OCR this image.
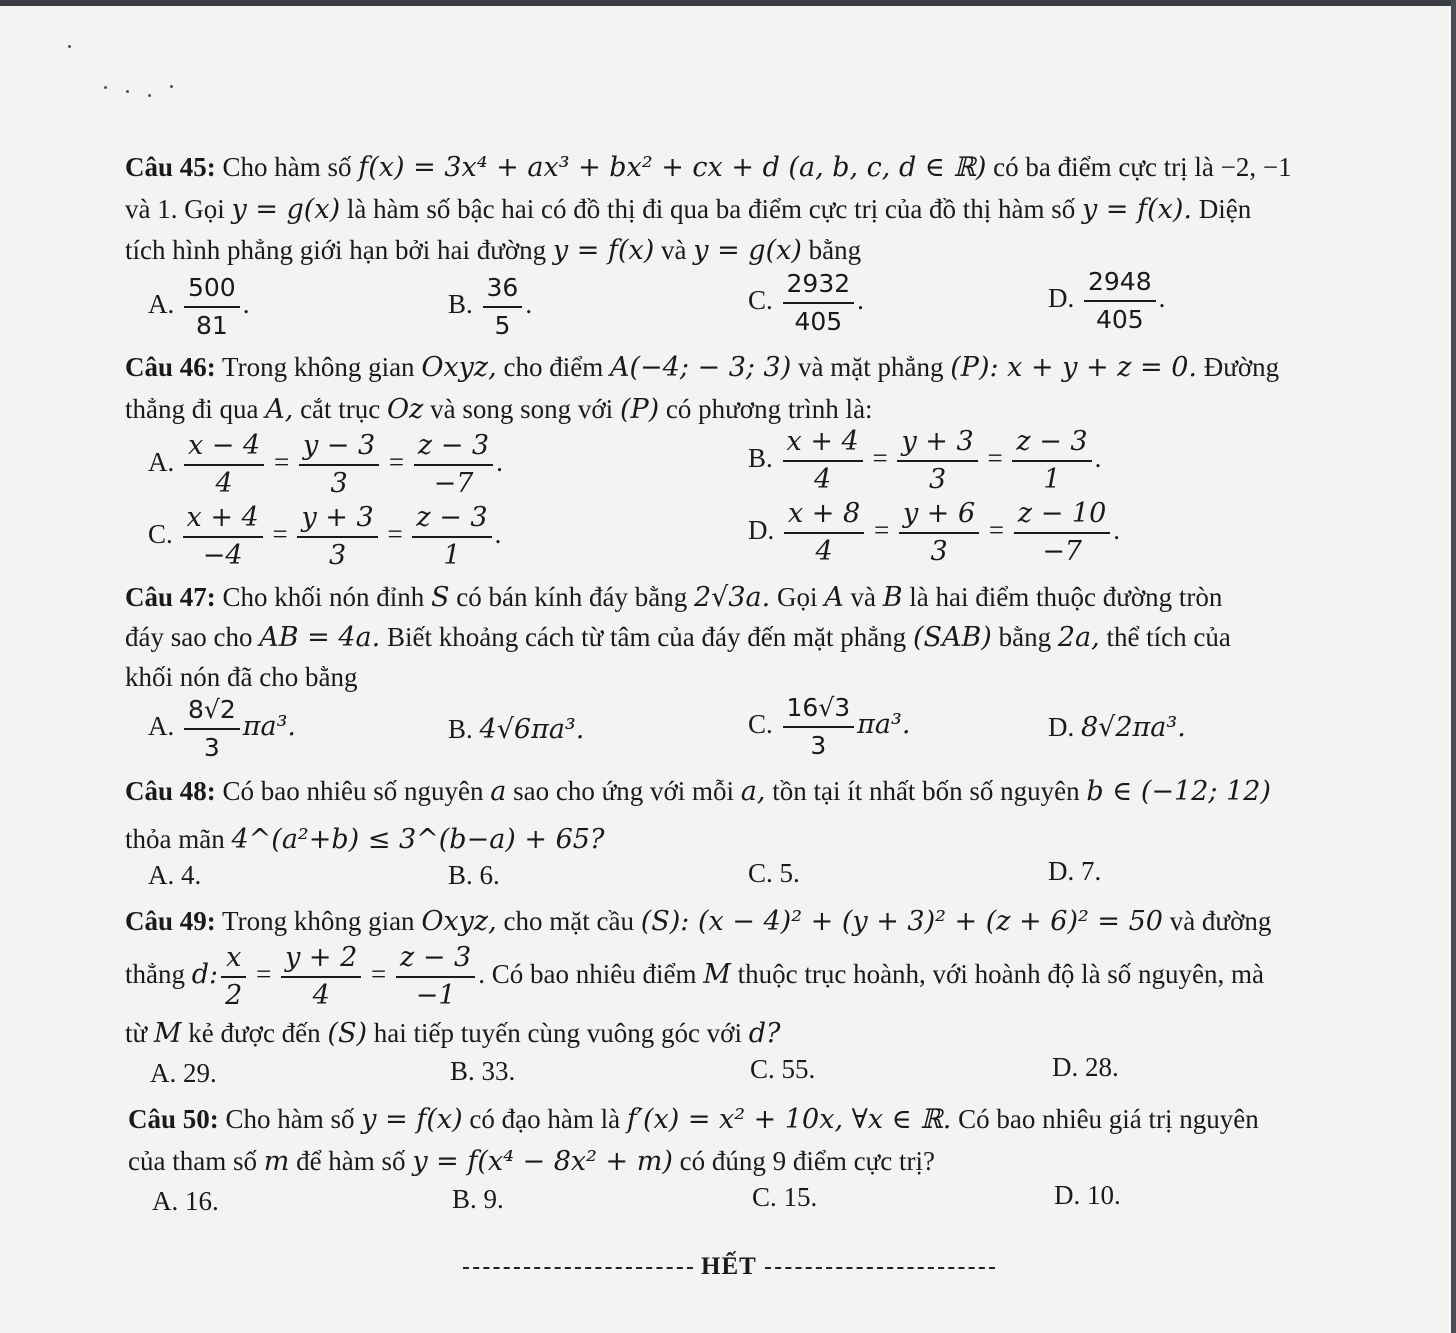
Câu 45: Cho hàm số f(x) = 3x⁴ + ax³ + bx² + cx + d (a, b, c, d ∈ ℝ) có ba điểm cực trị là −2, −1
và 1. Gọi y = g(x) là hàm số bậc hai có đồ thị đi qua ba điểm cực trị của đồ thị hàm số y = f(x). Diện
tích hình phẳng giới hạn bởi hai đường y = f(x) và y = g(x) bằng
A. $\frac{500}{81}$ .	B. $\frac{36}{5}$ .	C. $\frac{2932}{405}$ .	D. $\frac{2948}{405}$ .
Câu 46: Trong không gian Oxyz, cho điểm A(−4; − 3; 3) và mặt phẳng (P): x + y + z = 0. Đường
thẳng đi qua A, cắt trục Oz và song song với (P) có phương trình là:
A. $\frac{x - 4}{4} = \frac{y - 3}{3} = \frac{z - 3}{-7}$ .	B. $\frac{x + 4}{4} = \frac{y + 3}{3} = \frac{z - 3}{1}$ .
C. $\frac{x + 4}{-4} = \frac{y + 3}{3} = \frac{z - 3}{1}$ .	D. $\frac{x + 8}{4} = \frac{y + 6}{3} = \frac{z - 10}{-7}$ .
Câu 47: Cho khối nón đỉnh S có bán kính đáy bằng 2√3a. Gọi A và B là hai điểm thuộc đường tròn
đáy sao cho AB = 4a. Biết khoảng cách từ tâm của đáy đến mặt phẳng (SAB) bằng 2a, thể tích của
khối nón đã cho bằng
A. $\frac{8√2}{3} \pi a^3$.	B. 4√6πa³.	C. $\frac{16√3}{3} \pi a^3$.	D. 8√2πa³.
Câu 48: Có bao nhiêu số nguyên a sao cho ứng với mỗi a, tồn tại ít nhất bốn số nguyên b ∈ (−12; 12)
thỏa mãn 4^(a²+b) ≤ 3^(b−a) + 65?
A. 4.	B. 6.	C. 5.	D. 7.
Câu 49: Trong không gian Oxyz, cho mặt cầu (S): (x − 4)² + (y + 3)² + (z + 6)² = 50 và đường
thẳng d: $\frac{x}{2} = \frac{y + 2}{4} = \frac{z - 3}{-1}$ . Có bao nhiêu điểm M thuộc trục hoành, với hoành độ là số nguyên, mà
từ M kẻ được đến (S) hai tiếp tuyến cùng vuông góc với d?
A. 29.	B. 33.	C. 55.	D. 28.
Câu 50: Cho hàm số y = f(x) có đạo hàm là f′(x) = x² + 10x, ∀x ∈ ℝ. Có bao nhiêu giá trị nguyên
của tham số m để hàm số y = f(x⁴ − 8x² + m) có đúng 9 điểm cực trị?
A. 16.	B. 9.	C. 15.	D. 10.
HẾT
